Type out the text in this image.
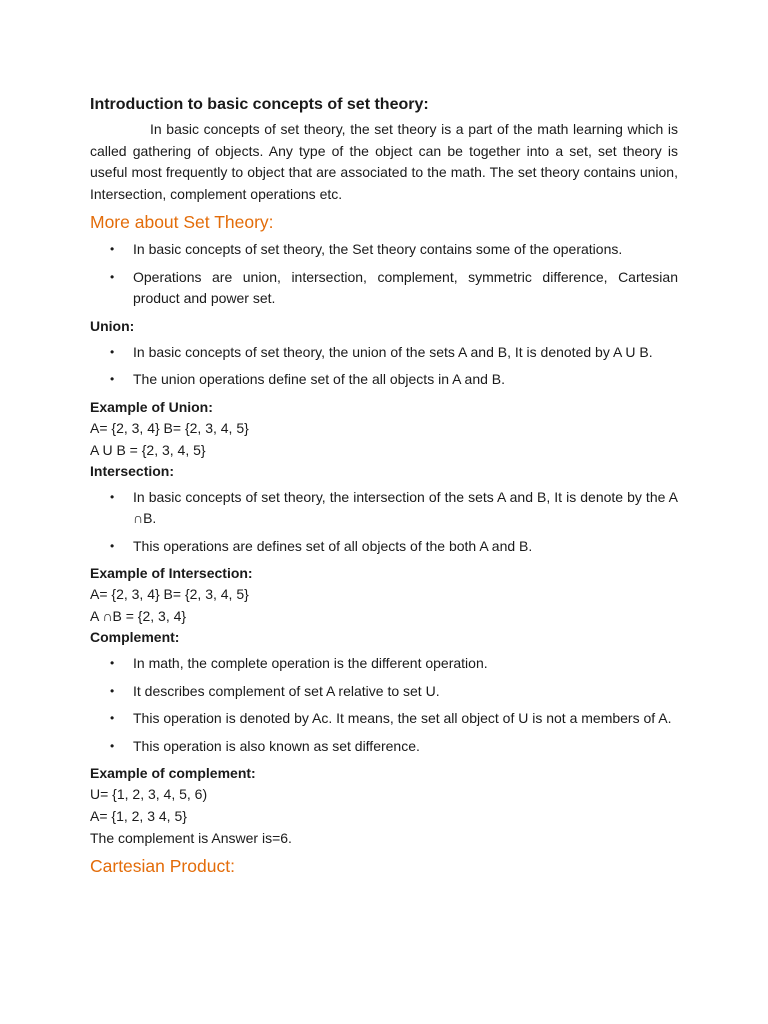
Introduction to basic concepts of set theory:

In basic concepts of set theory, the set theory is a part of the math learning which is called gathering of objects. Any type of the object can be together into a set, set theory is useful most frequently to object that are associated to the math. The set theory contains union, Intersection, complement operations etc.

More about Set Theory:
• In basic concepts of set theory, the Set theory contains some of the operations.
• Operations are union, intersection, complement, symmetric difference, Cartesian product and power set.
Union:
• In basic concepts of set theory, the union of the sets A and B, It is denoted by A U B.
• The union operations define set of the all objects in A and B.
Example of Union:
A= {2, 3, 4} B= {2, 3, 4, 5}
A U B = {2, 3, 4, 5}
Intersection:
• In basic concepts of set theory, the intersection of the sets A and B, It is denote by the A ∩B.
• This operations are defines set of all objects of the both A and B.
Example of Intersection:
A= {2, 3, 4} B= {2, 3, 4, 5}
A ∩B = {2, 3, 4}
Complement:
• In math, the complete operation is the different operation.
• It describes complement of set A relative to set U.
• This operation is denoted by Ac. It means, the set all object of U is not a members of A.
• This operation is also known as set difference.
Example of complement:
U= {1, 2, 3, 4, 5, 6)
A= {1, 2, 3 4, 5}
The complement is Answer is=6.
Cartesian Product:
